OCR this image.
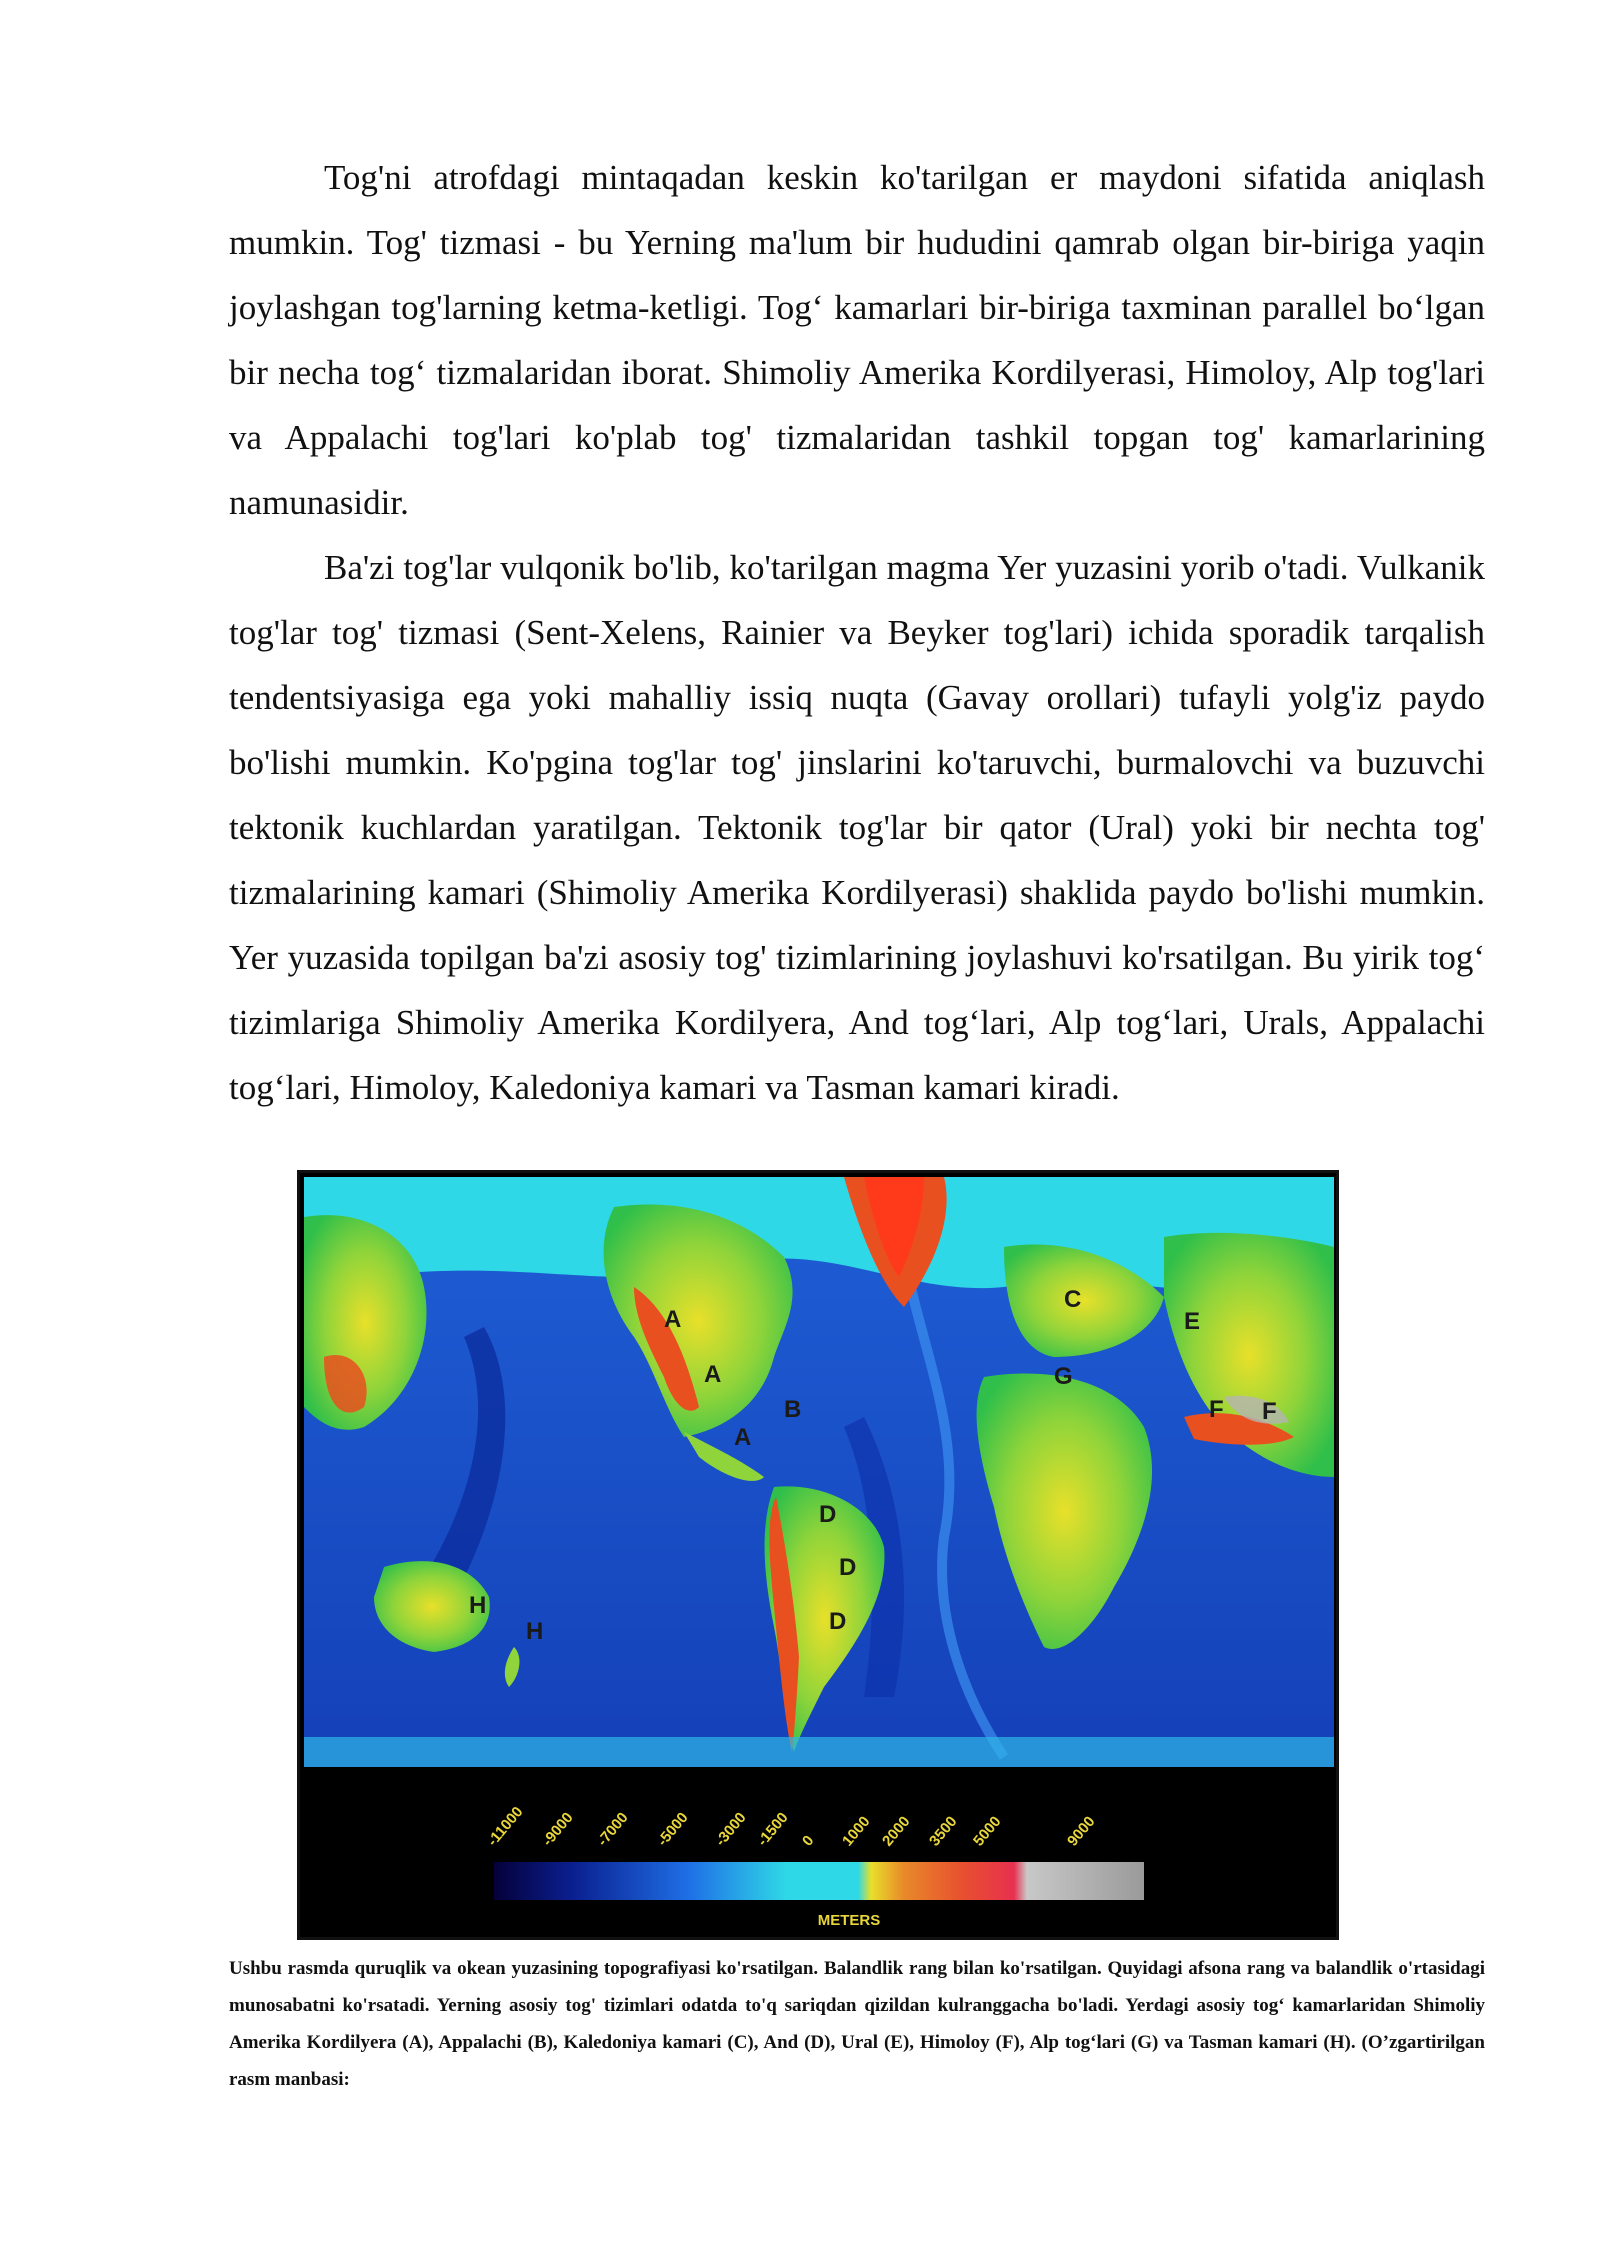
Tog'ni atrofdagi mintaqadan keskin ko'tarilgan er maydoni sifatida aniqlash mumkin. Tog' tizmasi - bu Yerning ma'lum bir hududini qamrab olgan bir-biriga yaqin joylashgan tog'larning ketma-ketligi. Tog‘ kamarlari bir-biriga taxminan parallel bo‘lgan bir necha tog‘ tizmalaridan iborat. Shimoliy Amerika Kordilyerasi, Himoloy, Alp tog'lari va Appalachi tog'lari ko'plab tog' tizmalaridan tashkil topgan tog' kamarlarining namunasidir.

Ba'zi tog'lar vulqonik bo'lib, ko'tarilgan magma Yer yuzasini yorib o'tadi. Vulkanik tog'lar tog' tizmasi (Sent-Xelens, Rainier va Beyker tog'lari) ichida sporadik tarqalish tendentsiyasiga ega yoki mahalliy issiq nuqta (Gavay orollari) tufayli yolg'iz paydo bo'lishi mumkin. Ko'pgina tog'lar tog' jinslarini ko'taruvchi, burmalovchi va buzuvchi tektonik kuchlardan yaratilgan. Tektonik tog'lar bir qator (Ural) yoki bir nechta tog' tizmalarining kamari (Shimoliy Amerika Kordilyerasi) shaklida paydo bo'lishi mumkin. Yer yuzasida topilgan ba'zi asosiy tog' tizimlarining joylashuvi ko'rsatilgan. Bu yirik tog‘ tizimlariga Shimoliy Amerika Kordilyera, And tog‘lari, Alp tog‘lari, Urals, Appalachi tog‘lari, Himoloy, Kaledoniya kamari va Tasman kamari kiradi.

-11000 -9000 -7000 -5000 -3000 -1500 0 1000 2000 3500 5000	9000
METERS
A
A
A
B
C
D
D
D
E
F F
G
H
H

Ushbu rasmda quruqlik va okean yuzasining topografiyasi ko'rsatilgan. Balandlik rang bilan ko'rsatilgan. Quyidagi afsona rang va balandlik o'rtasidagi munosabatni ko'rsatadi. Yerning asosiy tog' tizimlari odatda to'q sariqdan qizildan kulranggacha bo'ladi. Yerdagi asosiy tog‘ kamarlaridan Shimoliy Amerika Kordilyera (A), Appalachi (B), Kaledoniya kamari (C), And (D), Ural (E), Himoloy (F), Alp tog‘lari (G) va Tasman kamari (H). (O’zgartirilgan rasm manbasi:
